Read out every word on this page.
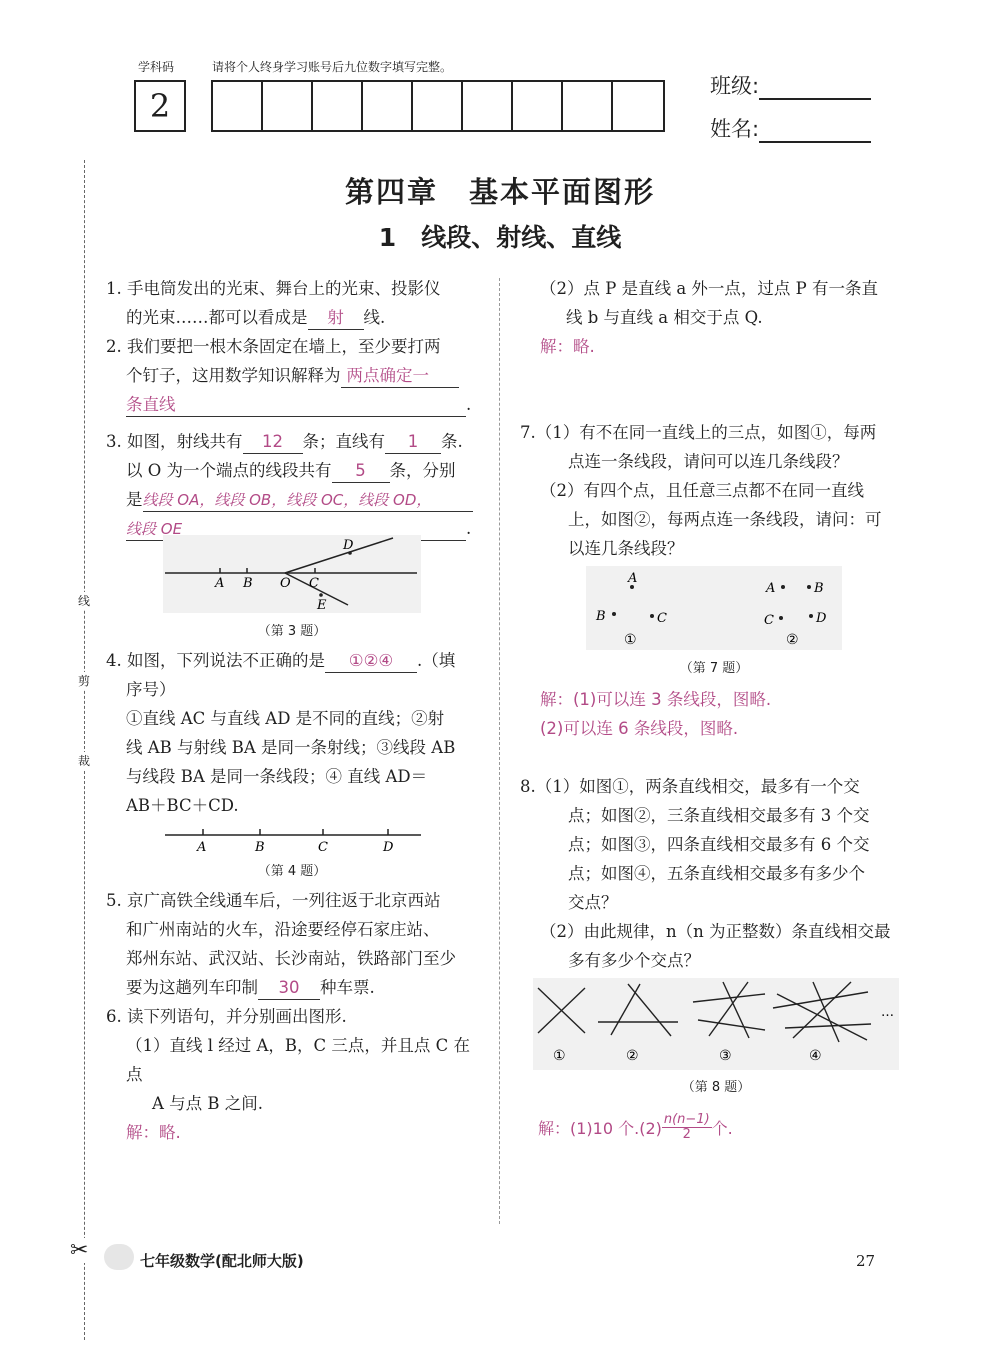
学科码	请将个人终身学习账号后九位数字填写完整。
2
班级:
姓名:
线
剪
裁
✂
第四章　基本平面图形
1　线段、射线、直线

1. 手电筒发出的光束、舞台上的光束、投影仪

的光束……都可以看成是 射 线.

2. 我们要把一根木条固定在墙上，至少要打两

个钉子，这用数学知识解释为 两点确定一

条直线	.

3. 如图，射线共有 12 条；直线有 1 条.

以 O 为一个端点的线段共有 5 条，分别

是线段 OA，线段 OB，线段 OC，线段 OD，

线段 OE	.

A B O C
D
E
（第 3 题）

4. 如图，下列说法不正确的是 ①②④ .（填

序号）

①直线 AC 与直线 AD 是不同的直线；②射

线 AB 与射线 BA 是同一条射线；③线段 AB

与线段 BA 是同一条线段；④ 直线 AD＝

AB＋BC＋CD.

A	B	C	D
（第 4 题）

5. 京广高铁全线通车后，一列往返于北京西站

和广州南站的火车，沿途要经停石家庄站、

郑州东站、武汉站、长沙南站，铁路部门至少

要为这趟列车印制 30 种车票.

6. 读下列语句，并分别画出图形.

（1）直线 l 经过 A，B，C 三点，并且点 C 在点

A 与点 B 之间.

解：略.

（2）点 P 是直线 a 外一点，过点 P 有一条直

线 b 与直线 a 相交于点 Q.

解：略.

7.（1）有不在同一直线上的三点，如图①，每两

点连一条线段，请问可以连几条线段？

（2）有四个点，且任意三点都不在同一直线

上，如图②，每两点连一条线段，请问：可

以连几条线段？

A
B	C
①
A	B
C	D
②
（第 7 题）

解：(1)可以连 3 条线段，图略.

(2)可以连 6 条线段，图略.

8.（1）如图①，两条直线相交，最多有一个交

点；如图②，三条直线相交最多有 3 个交

点；如图③，四条直线相交最多有 6 个交

点；如图④，五条直线相交最多有多少个

交点？

（2）由此规律，n（n 为正整数）条直线相交最

多有多少个交点？

…
①	②	③	④
（第 8 题）
解：(1)10 个$.(2) \frac{n(n-1)}{2}$ 个.
七年级数学(配北师大版)	27
